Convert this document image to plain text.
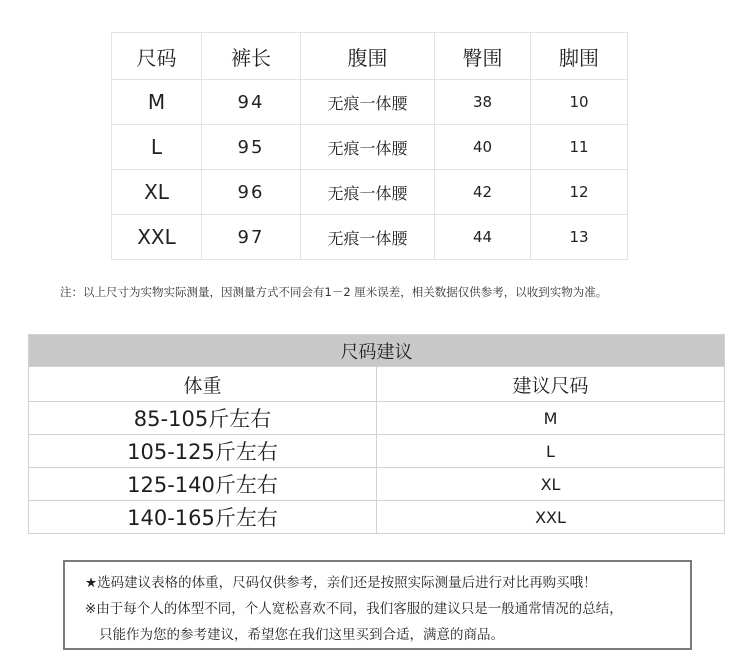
尺码	裤长	腹围	臀围	脚围
M	94	无痕一体腰	38	10
L	95	无痕一体腰	40	11
XL	96	无痕一体腰	42	12
XXL	97	无痕一体腰	44	13
注：以上尺寸为实物实际测量，因测量方式不同会有1－2 厘米误差，相关数据仅供参考，以收到实物为准。
尺码建议	
体重	建议尺码
85-105斤左右	M
105-125斤左右	L
125-140斤左右	XL
140-165斤左右	XXL
★选码建议表格的体重，尺码仅供参考，亲们还是按照实际测量后进行对比再购买哦！
※由于每个人的体型不同，个人宽松喜欢不同，我们客服的建议只是一般通常情况的总结，
只能作为您的参考建议，希望您在我们这里买到合适，满意的商品。
